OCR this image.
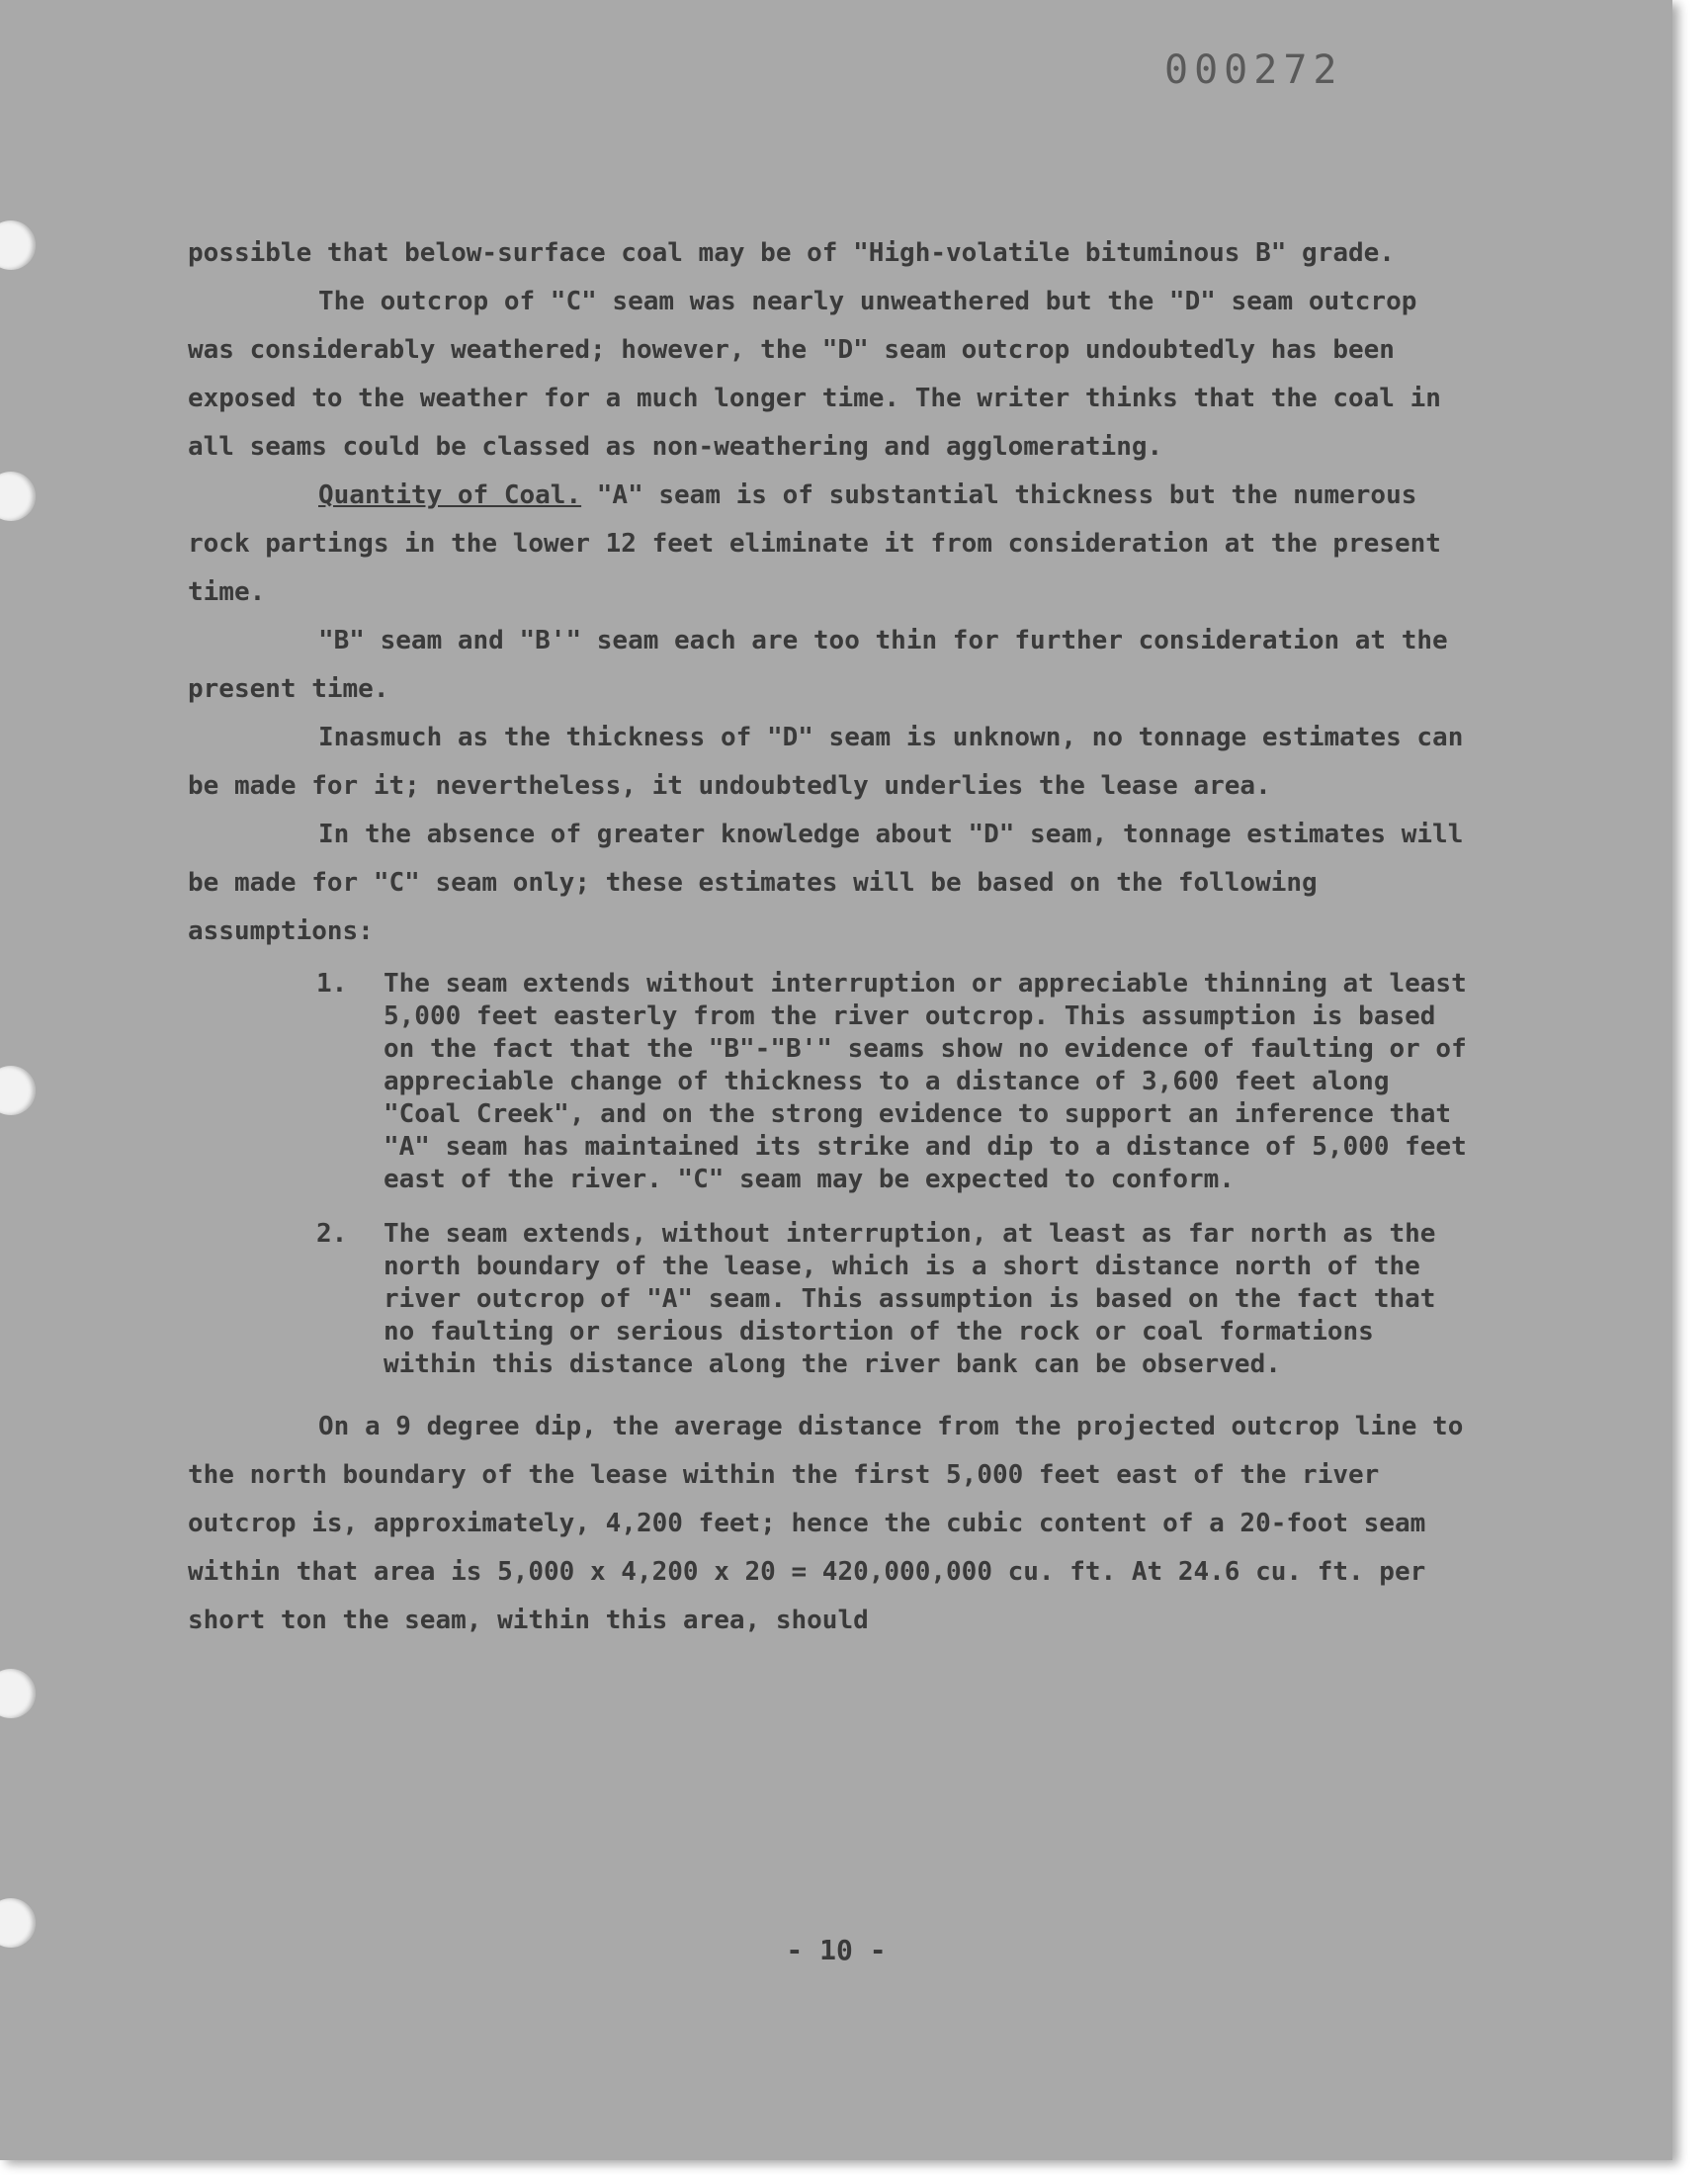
000272

possible that below-surface coal may be of "High-volatile bituminous B" grade.

The outcrop of "C" seam was nearly unweathered but the "D" seam outcrop was considerably weathered; however, the "D" seam outcrop undoubtedly has been exposed to the weather for a much longer time. The writer thinks that the coal in all seams could be classed as non-weathering and agglomerating.

Quantity of Coal. "A" seam is of substantial thickness but the numerous rock partings in the lower 12 feet eliminate it from consideration at the present time.

"B" seam and "B'" seam each are too thin for further consideration at the present time.

Inasmuch as the thickness of "D" seam is unknown, no tonnage estimates can be made for it; nevertheless, it undoubtedly underlies the lease area.

In the absence of greater knowledge about "D" seam, tonnage estimates will be made for "C" seam only; these estimates will be based on the following assumptions:

1.	The seam extends without interruption or appreciable thinning at least 5,000 feet easterly from the river outcrop. This assumption is based on the fact that the "B"-"B'" seams show no evidence of faulting or of appreciable change of thickness to a distance of 3,600 feet along "Coal Creek", and on the strong evidence to support an inference that "A" seam has maintained its strike and dip to a distance of 5,000 feet east of the river. "C" seam may be expected to conform.
2.	The seam extends, without interruption, at least as far north as the north boundary of the lease, which is a short distance north of the river outcrop of "A" seam. This assumption is based on the fact that no faulting or serious distortion of the rock or coal formations within this distance along the river bank can be observed.

On a 9 degree dip, the average distance from the projected outcrop line to the north boundary of the lease within the first 5,000 feet east of the river outcrop is, approximately, 4,200 feet; hence the cubic content of a 20-foot seam within that area is 5,000 x 4,200 x 20 = 420,000,000 cu. ft. At 24.6 cu. ft. per short ton the seam, within this area, should

- 10 -
